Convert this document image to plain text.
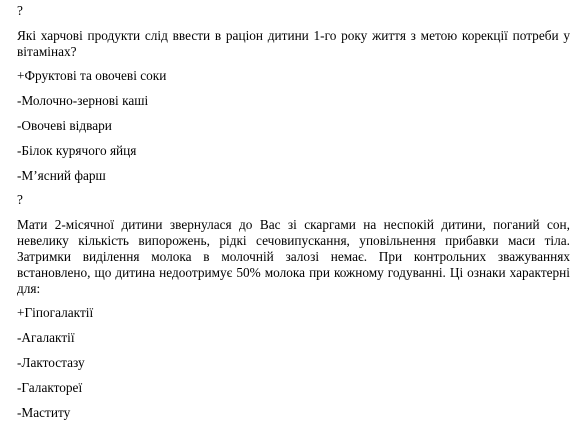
?

Які харчові продукти слід ввести в раціон дитини 1-го року життя з метою корекції потреби у вітамінах?

+Фруктові та овочеві соки
-Молочно-зернові каші
-Овочеві відвари
-Білок курячого яйця
-М’ясний фарш

?

Мати 2-місячної дитини звернулася до Вас зі скаргами на неспокій дитини, поганий сон, невелику кількість випорожень, рідкі сечовипускання, уповільнення прибавки маси тіла. Затримки виділення молока в молочній залозі немає. При контрольних зважуваннях встановлено, що дитина недоотримує 50% молока при кожному годуванні. Ці ознаки характерні для:

+Гіпогалактії
-Агалактії
-Лактостазу
-Галактореї
-Маститу
